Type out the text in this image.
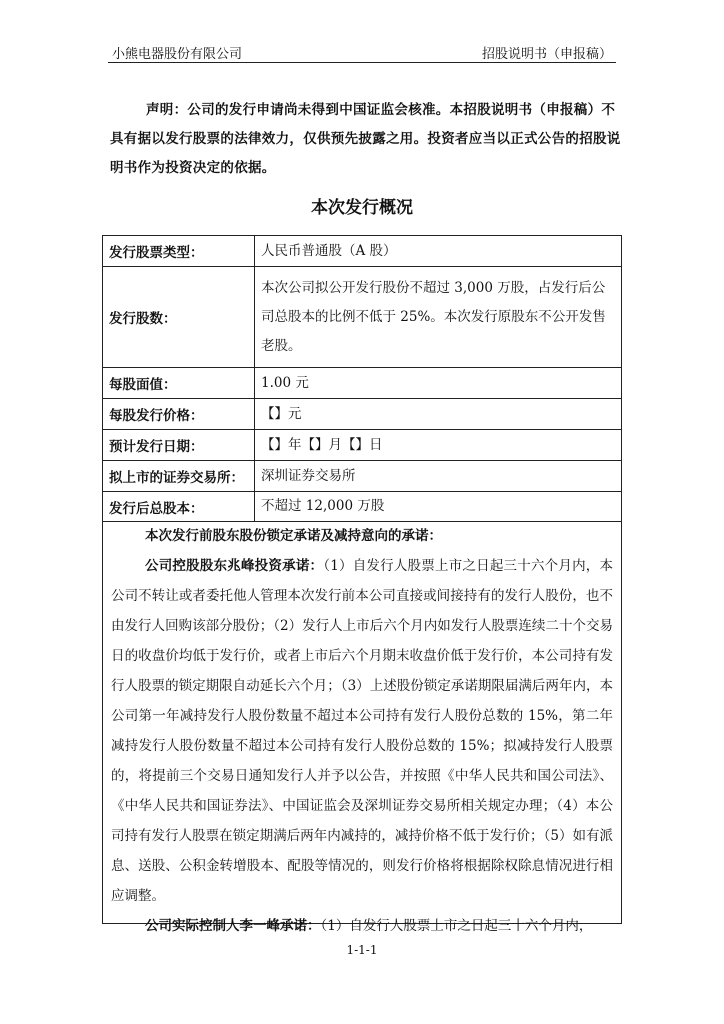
小熊电器股份有限公司	招股说明书（申报稿）
声明：公司的发行申请尚未得到中国证监会核准。本招股说明书（申报稿）不具有据以发行股票的法律效力，仅供预先披露之用。投资者应当以正式公告的招股说明书作为投资决定的依据。
本次发行概况
发行股票类型：	人民币普通股（A 股）
发行股数：	本次公司拟公开发行股份不超过 3,000 万股，占发行后公司总股本的比例不低于 25%。本次发行原股东不公开发售老股。
每股面值：	1.00 元
每股发行价格：	【】元
预计发行日期：	【】年【】月【】日
拟上市的证券交易所：	深圳证券交易所
发行后总股本：	不超过 12,000 万股

本次发行前股东股份锁定承诺及减持意向的承诺：

公司控股股东兆峰投资承诺：（1）自发行人股票上市之日起三十六个月内，本公司不转让或者委托他人管理本次发行前本公司直接或间接持有的发行人股份，也不由发行人回购该部分股份；（2）发行人上市后六个月内如发行人股票连续二十个交易日的收盘价均低于发行价，或者上市后六个月期末收盘价低于发行价，本公司持有发行人股票的锁定期限自动延长六个月；（3）上述股份锁定承诺期限届满后两年内，本公司第一年减持发行人股份数量不超过本公司持有发行人股份总数的 15%，第二年减持发行人股份数量不超过本公司持有发行人股份总数的 15%；拟减持发行人股票的，将提前三个交易日通知发行人并予以公告，并按照《中华人民共和国公司法》、《中华人民共和国证券法》、中国证监会及深圳证券交易所相关规定办理；（4）本公司持有发行人股票在锁定期满后两年内减持的，减持价格不低于发行价；（5）如有派息、送股、公积金转增股本、配股等情况的，则发行价格将根据除权除息情况进行相应调整。

公司实际控制人李一峰承诺：（1）自发行人股票上市之日起三十六个月内，

1-1-1
